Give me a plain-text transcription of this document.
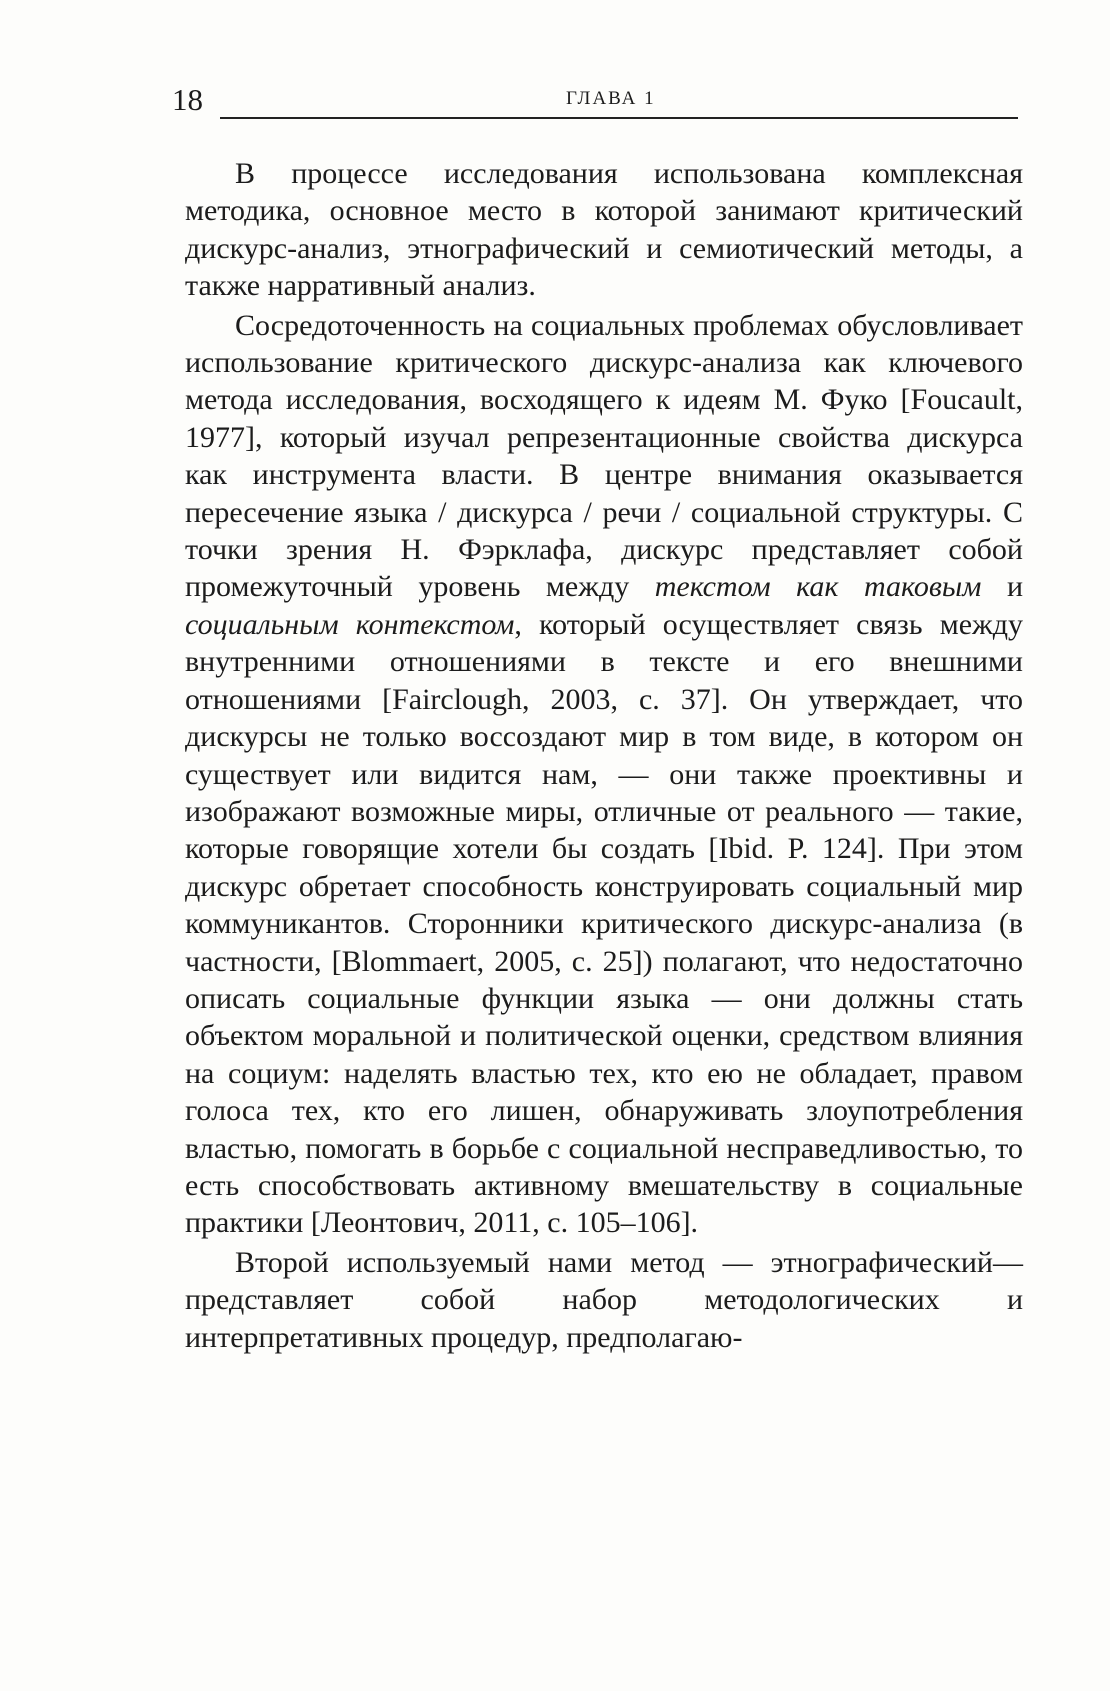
18	ГЛАВА 1

В процессе исследования использована комплексная методика, основное место в которой занимают критический дискурс-анализ, этнографический и семиотический методы, а также нарративный анализ.

Сосредоточенность на социальных проблемах обусловливает использование критического дискурс-анализа как ключевого метода исследования, восходящего к идеям М. Фуко [Foucault, 1977], который изучал репрезентационные свойства дискурса как инструмента власти. В центре внимания оказывается пересечение языка / дискурса / речи / социальной структуры. С точки зрения Н. Фэрклафа, дискурс представляет собой промежуточный уровень между текстом как таковым и социальным контекстом, который осуществляет связь между внутренними отношениями в тексте и его внешними отношениями [Fairclough, 2003, с. 37]. Он утверждает, что дискурсы не только воссоздают мир в том виде, в котором он существует или видится нам, — они также проективны и изображают возможные миры, отличные от реального — такие, которые говорящие хотели бы создать [Ibid. P. 124]. При этом дискурс обретает способность конструировать социальный мир коммуникантов. Сторонники критического дискурс-анализа (в частности, [Blommaert, 2005, с. 25]) полагают, что недостаточно описать социальные функции языка — они должны стать объектом моральной и политической оценки, средством влияния на социум: наделять властью тех, кто ею не обладает, правом голоса тех, кто его лишен, обнаруживать злоупотребления властью, помогать в борьбе с социальной несправедливостью, то есть способствовать активному вмешательству в социальные практики [Леонтович, 2011, с. 105–106].

Второй используемый нами метод — этнографический— представляет собой набор методологических и интерпретативных процедур, предполагаю-
